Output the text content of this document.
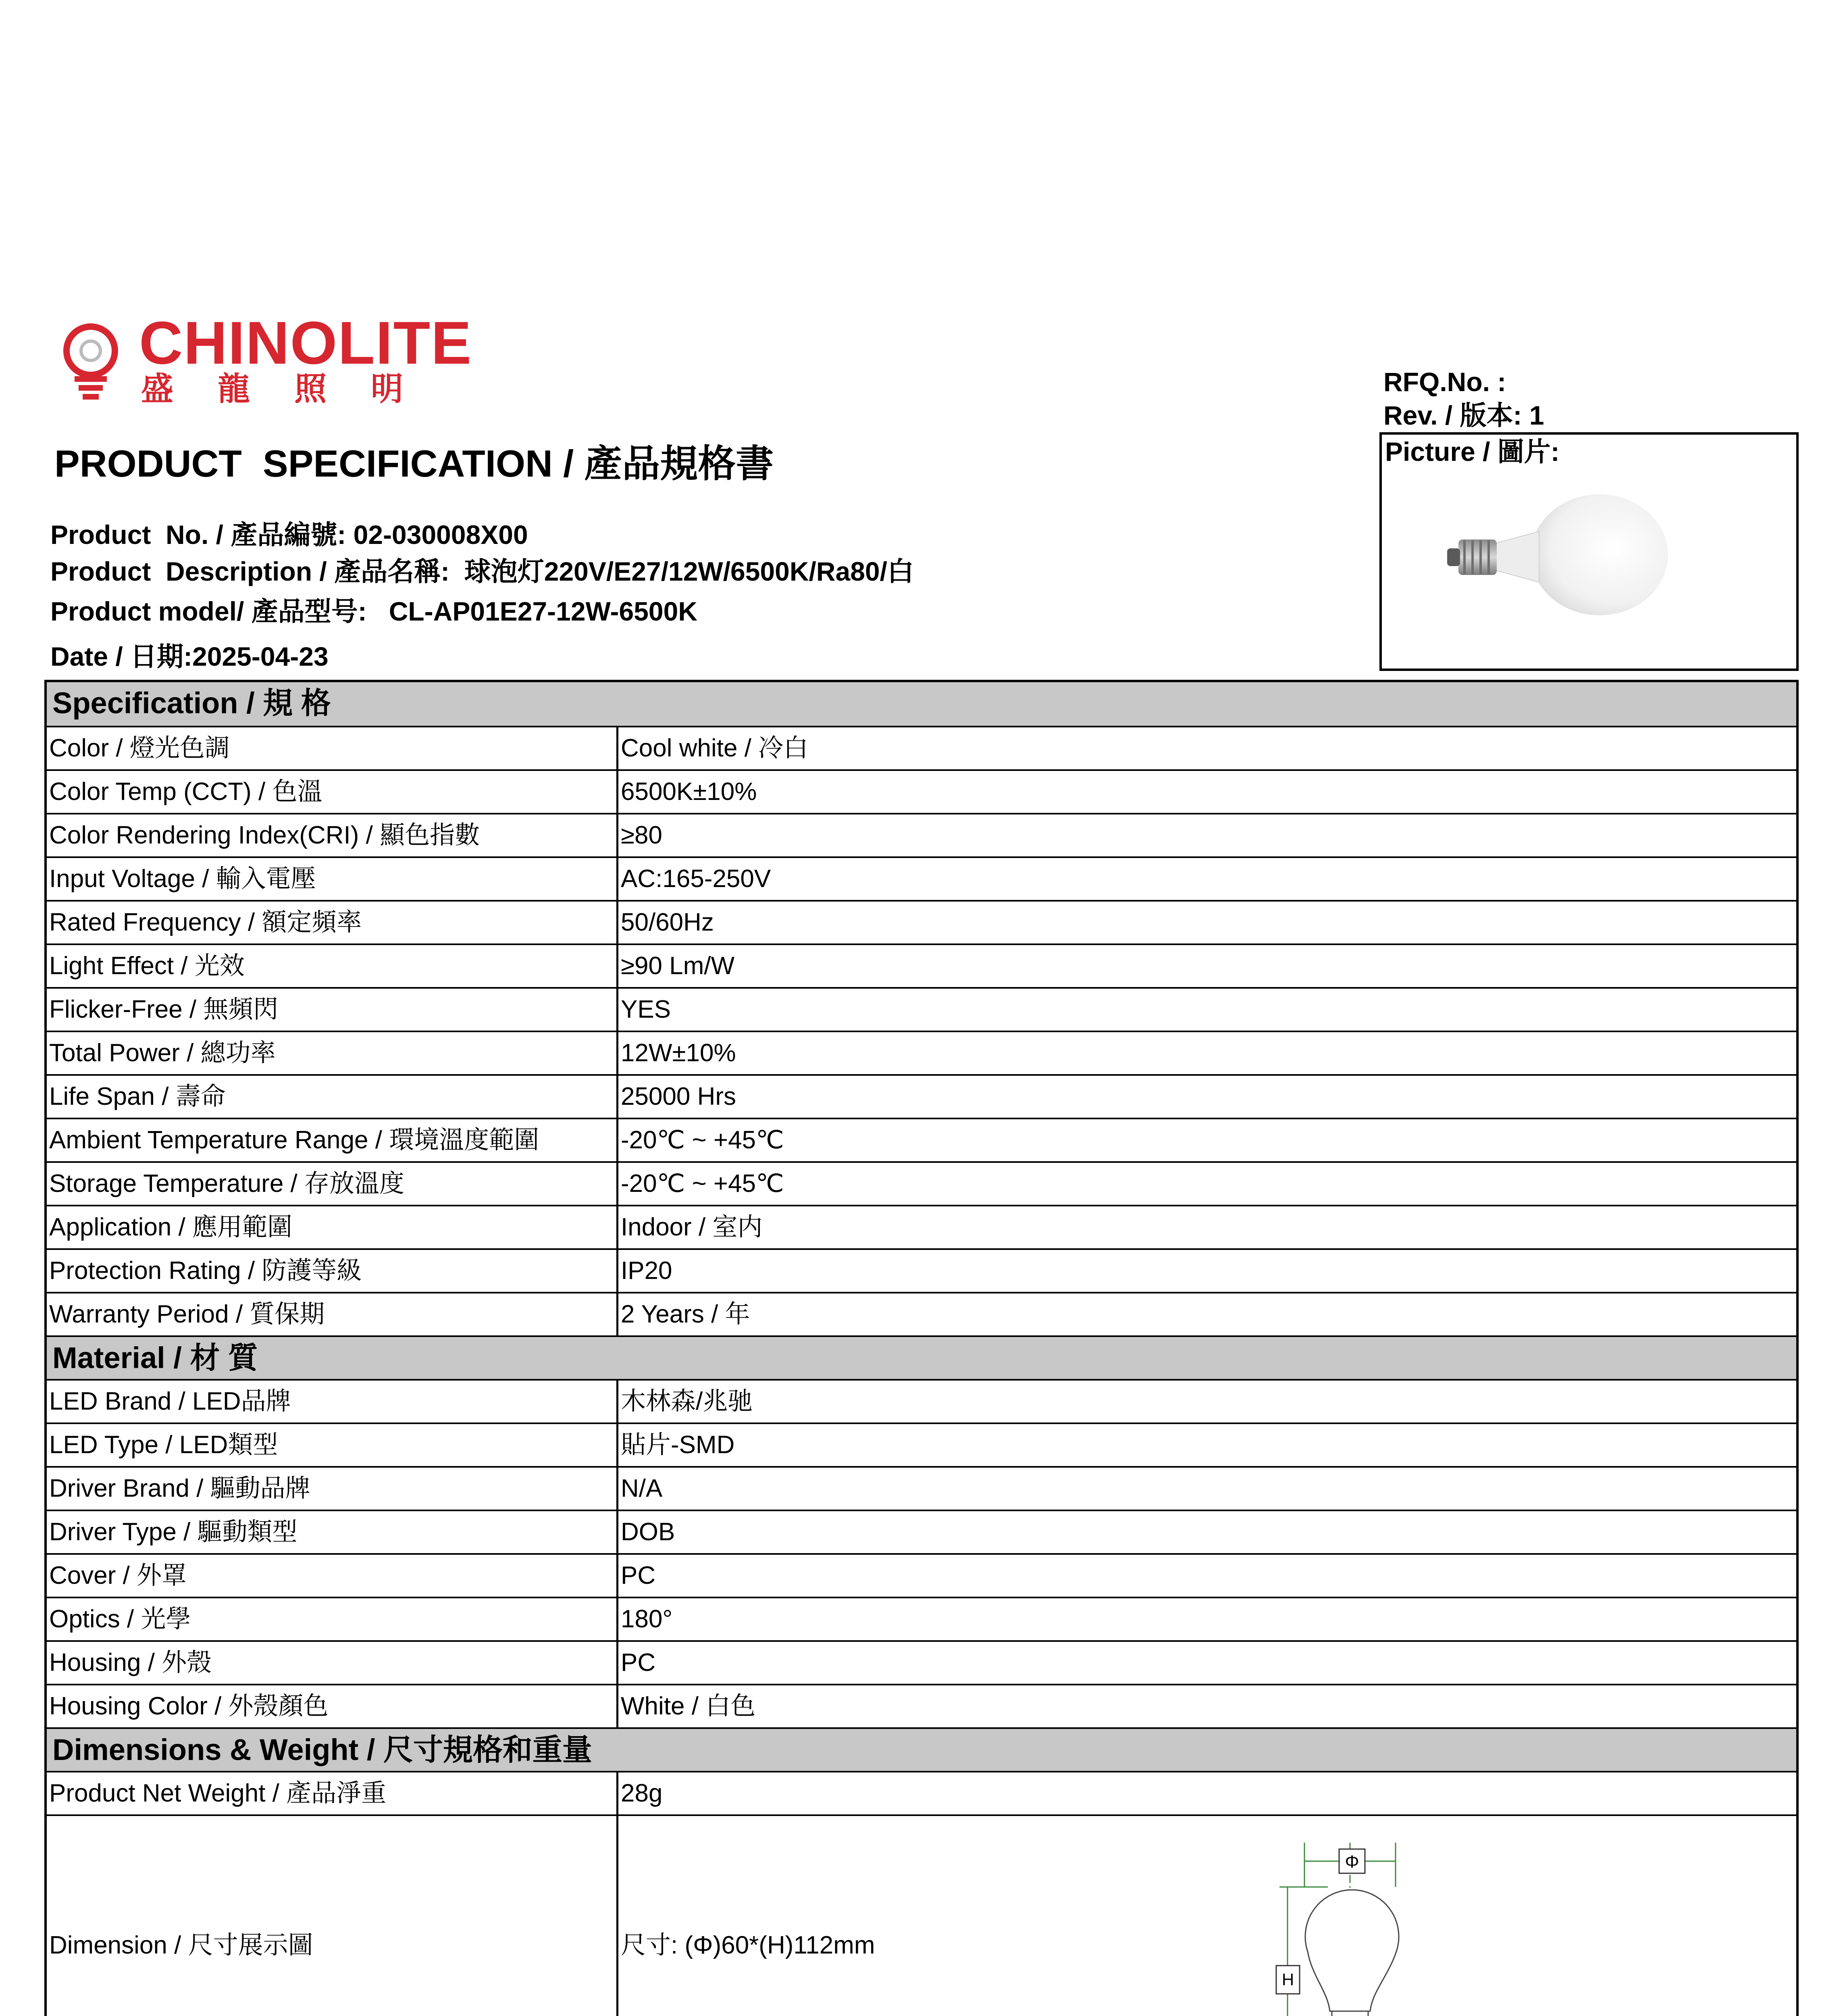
CHINOLITE
盛龍照明	RFQ.No. :
Rev. / 版本: 1
Picture / 圖片:
PRODUCT  SPECIFICATION / 產品規格書
Product  No. / 產品編號: 02-030008X00
Product  Description / 產品名稱:  球泡灯220V/E27/12W/6500K/Ra80/白
Product model/ 產品型号:   CL-AP01E27-12W-6500K
Date / 日期:2025-04-23
Specification / 規 格
Color / 燈光色調	Cool white / 冷白
Color Temp (CCT) / 色溫	6500K±10%
Color Rendering Index(CRI) / 顯色指數	≥80
Input Voltage / 輸入電壓	AC:165-250V
Rated Frequency / 額定頻率	50/60Hz
Light Effect / 光效	≥90 Lm/W
Flicker-Free / 無頻閃	YES
Total Power / 總功率	12W±10%
Life Span / 壽命	25000 Hrs
Ambient Temperature Range / 環境溫度範圍	-20℃ ~ +45℃
Storage Temperature / 存放溫度	-20℃ ~ +45℃
Application / 應用範圍	Indoor / 室内
Protection Rating / 防護等級	IP20
Warranty Period / 質保期	2 Years / 年
Material / 材 質
LED Brand / LED品牌	木林森/兆驰
LED Type / LED類型	貼片-SMD
Driver Brand / 驅動品牌	N/A
Driver Type / 驅動類型	DOB
Cover / 外罩	PC
Optics / 光學	180°
Housing / 外殼	PC
Housing Color / 外殼顏色	White / 白色
Dimensions & Weight / 尺寸規格和重量
Product Net Weight / 產品淨重	28g
Dimension / 尺寸展示圖	尺寸: (Φ)60*(H)112mm
Φ
H
